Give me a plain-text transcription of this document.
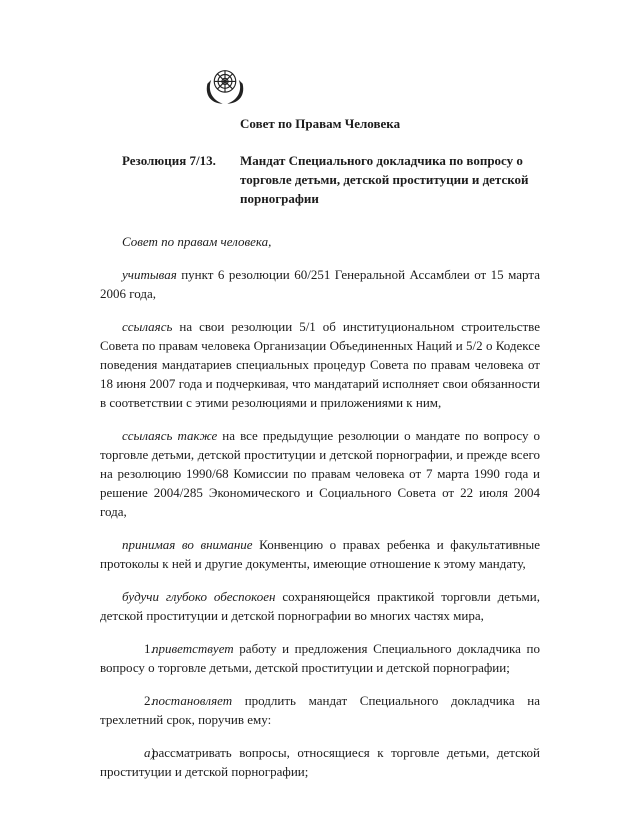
Совет по Правам Человека
Резолюция 7/13.	Мандат Специального докладчика по вопросу о торговле детьми, детской проституции и детской порнографии

Совет по правам человека,

учитывая пункт 6 резолюции 60/251 Генеральной Ассамблеи от 15 марта 2006 года,

ссылаясь на свои резолюции 5/1 об институциональном строительстве Совета по правам человека Организации Объединенных Наций и 5/2 о Кодексе поведения мандатариев специальных процедур Совета по правам человека от 18 июня 2007 года и подчеркивая, что мандатарий исполняет свои обязанности в соответствии с этими резолюциями и приложениями к ним,

ссылаясь также на все предыдущие резолюции о мандате по вопросу о торговле детьми, детской проституции и детской порнографии, и прежде всего на резолюцию 1990/68 Комиссии по правам человека от 7 марта 1990 года и решение 2004/285 Экономического и Социального Совета от 22 июля 2004 года,

принимая во внимание Конвенцию о правах ребенка и факультативные протоколы к ней и другие документы, имеющие отношение к этому мандату,

будучи глубоко обеспокоен сохраняющейся практикой торговли детьми, детской проституции и детской порнографии во многих частях мира,

1.приветствует работу и предложения Специального докладчика по вопросу о торговле детьми, детской проституции и детской порнографии;

2.постановляет продлить мандат Специального докладчика на трехлетний срок, поручив ему:

а)рассматривать вопросы, относящиеся к торговле детьми, детской проституции и детской порнографии;
